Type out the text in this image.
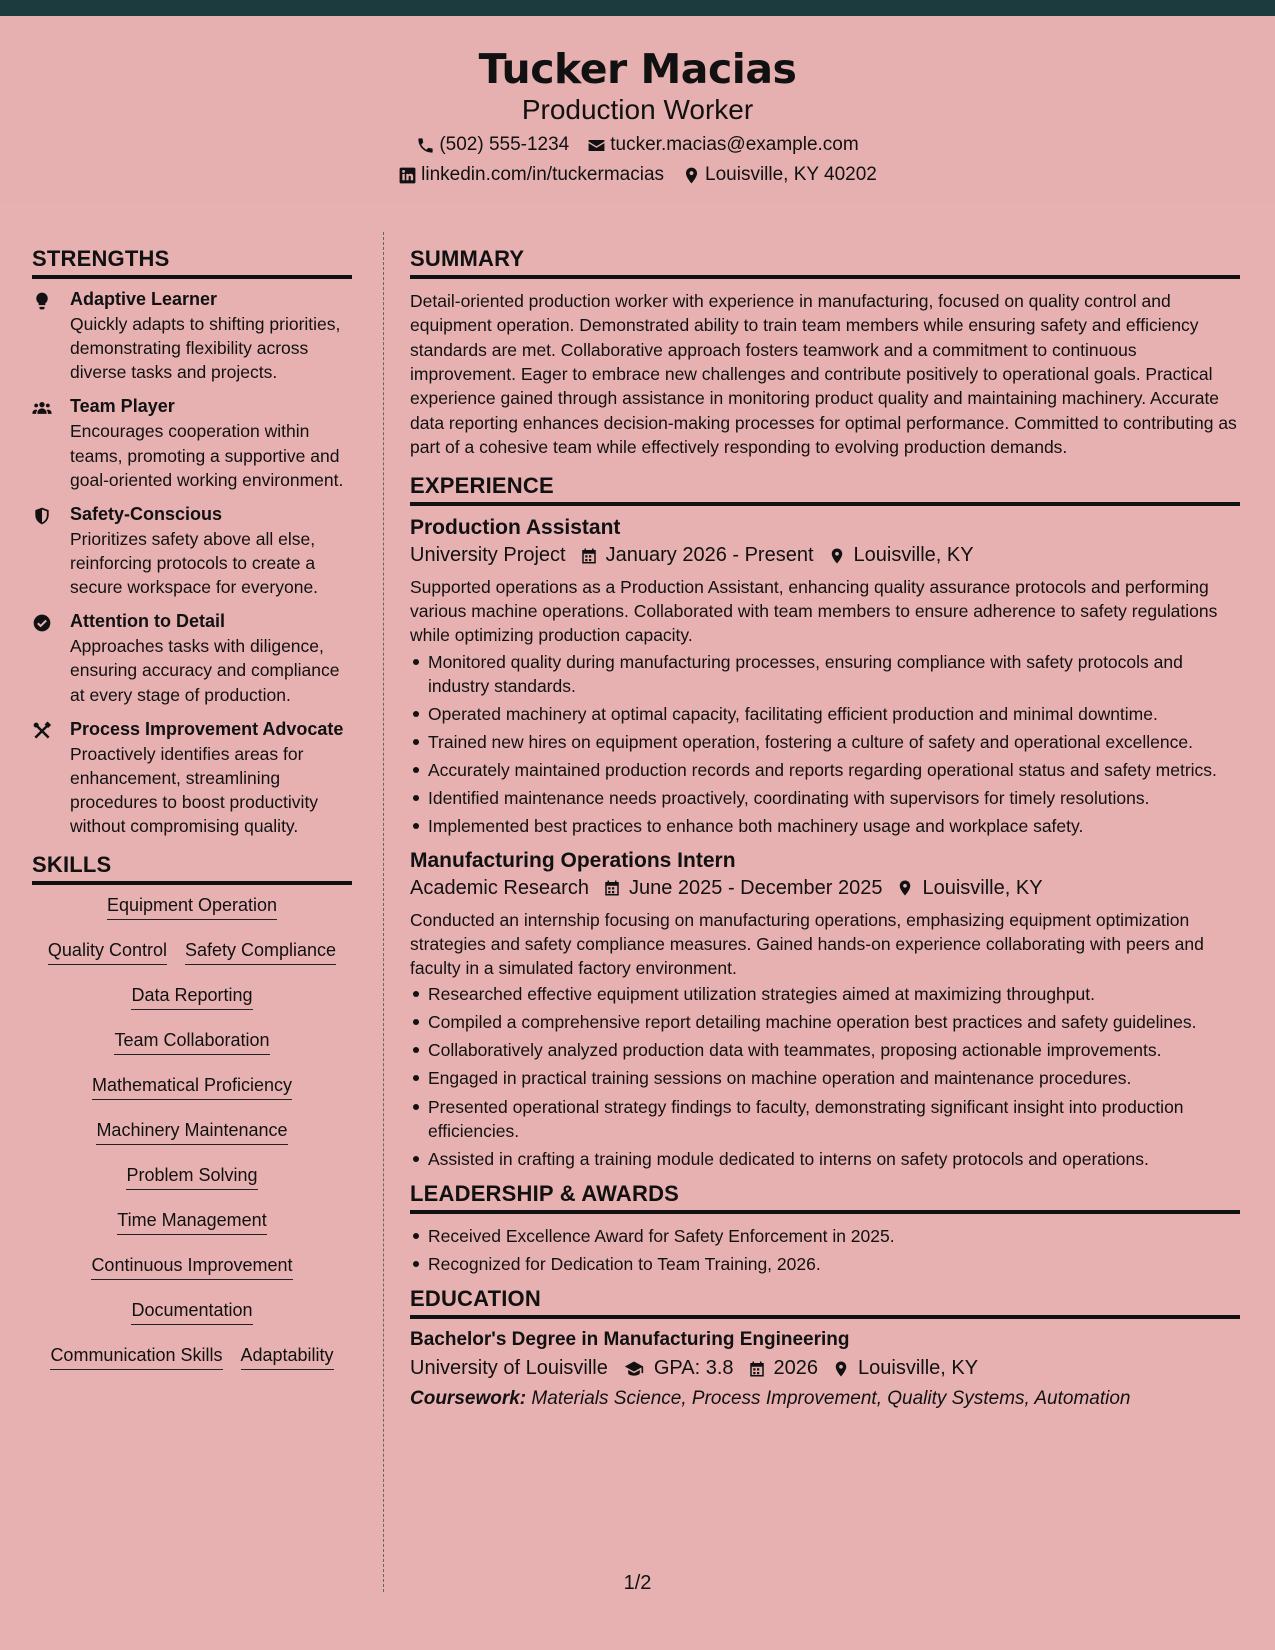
Tucker Macias
Production Worker
(502) 555-1234 tucker.macias@example.com
linkedin.com/in/tuckermacias Louisville, KY 40202
STRENGTHS
Adaptive Learner
Quickly adapts to shifting priorities, demonstrating flexibility across diverse tasks and projects.
Team Player
Encourages cooperation within teams, promoting a supportive and goal-oriented working environment.
Safety-Conscious
Prioritizes safety above all else, reinforcing protocols to create a secure workspace for everyone.
Attention to Detail
Approaches tasks with diligence, ensuring accuracy and compliance at every stage of production.
Process Improvement Advocate
Proactively identifies areas for enhancement, streamlining procedures to boost productivity without compromising quality.
SKILLS
Equipment Operation
Quality Control Safety Compliance
Data Reporting
Team Collaboration
Mathematical Proficiency
Machinery Maintenance
Problem Solving
Time Management
Continuous Improvement
Documentation
Communication Skills Adaptability
SUMMARY
Detail-oriented production worker with experience in manufacturing, focused on quality control and equipment operation. Demonstrated ability to train team members while ensuring safety and efficiency standards are met. Collaborative approach fosters teamwork and a commitment to continuous improvement. Eager to embrace new challenges and contribute positively to operational goals. Practical experience gained through assistance in monitoring product quality and maintaining machinery. Accurate data reporting enhances decision-making processes for optimal performance. Committed to contributing as part of a cohesive team while effectively responding to evolving production demands.
EXPERIENCE
Production Assistant
University Project January 2026 - Present Louisville, KY
Supported operations as a Production Assistant, enhancing quality assurance protocols and performing various machine operations. Collaborated with team members to ensure adherence to safety regulations while optimizing production capacity.
Monitored quality during manufacturing processes, ensuring compliance with safety protocols and industry standards.
Operated machinery at optimal capacity, facilitating efficient production and minimal downtime.
Trained new hires on equipment operation, fostering a culture of safety and operational excellence.
Accurately maintained production records and reports regarding operational status and safety metrics.
Identified maintenance needs proactively, coordinating with supervisors for timely resolutions.
Implemented best practices to enhance both machinery usage and workplace safety.
Manufacturing Operations Intern
Academic Research June 2025 - December 2025 Louisville, KY
Conducted an internship focusing on manufacturing operations, emphasizing equipment optimization strategies and safety compliance measures. Gained hands-on experience collaborating with peers and faculty in a simulated factory environment.
Researched effective equipment utilization strategies aimed at maximizing throughput.
Compiled a comprehensive report detailing machine operation best practices and safety guidelines.
Collaboratively analyzed production data with teammates, proposing actionable improvements.
Engaged in practical training sessions on machine operation and maintenance procedures.
Presented operational strategy findings to faculty, demonstrating significant insight into production efficiencies.
Assisted in crafting a training module dedicated to interns on safety protocols and operations.
LEADERSHIP & AWARDS
Received Excellence Award for Safety Enforcement in 2025.
Recognized for Dedication to Team Training, 2026.
EDUCATION
Bachelor's Degree in Manufacturing Engineering
University of Louisville GPA: 3.8 2026 Louisville, KY
Coursework: Materials Science, Process Improvement, Quality Systems, Automation
1/2
